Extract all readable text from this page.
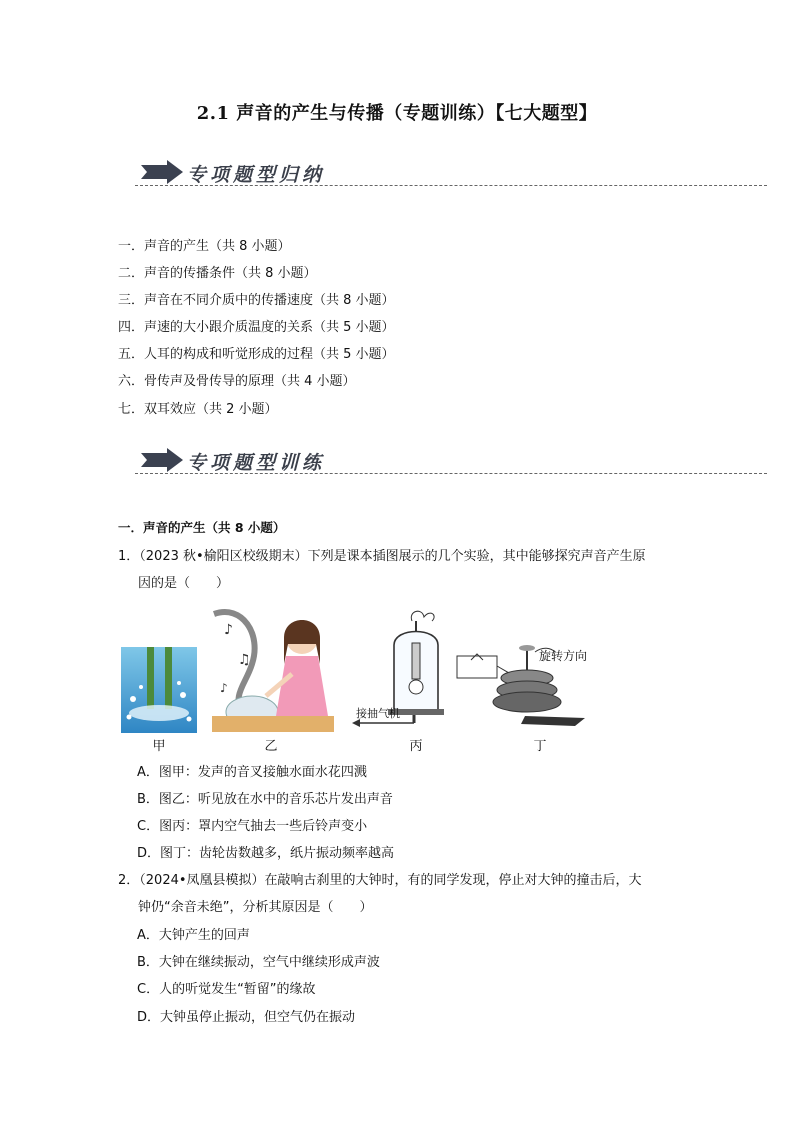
2.1 声音的产生与传播（专题训练）【七大题型】
专项题型归纳
一．声音的产生（共 8 小题）
二．声音的传播条件（共 8 小题）
三．声音在不同介质中的传播速度（共 8 小题）
四．声速的大小跟介质温度的关系（共 5 小题）
五．人耳的构成和听觉形成的过程（共 5 小题）
六．骨传声及骨传导的原理（共 4 小题）
七．双耳效应（共 2 小题）
专项题型训练
一．声音的产生（共 8 小题）
1．（2023 秋•榆阳区校级期末）下列是课本插图展示的几个实验，其中能够探究声音产生原
因的是（　　）
♪
♫
♪
接抽气机
旋转方向
甲	乙	丙	丁
A．图甲：发声的音叉接触水面水花四溅
B．图乙：听见放在水中的音乐芯片发出声音
C．图丙：罩内空气抽去一些后铃声变小
D．图丁：齿轮齿数越多，纸片振动频率越高
2．（2024•凤凰县模拟）在敲响古刹里的大钟时，有的同学发现，停止对大钟的撞击后，大
钟仍“余音未绝”，分析其原因是（　　）
A．大钟产生的回声
B．大钟在继续振动，空气中继续形成声波
C．人的听觉发生“暂留”的缘故
D．大钟虽停止振动，但空气仍在振动
